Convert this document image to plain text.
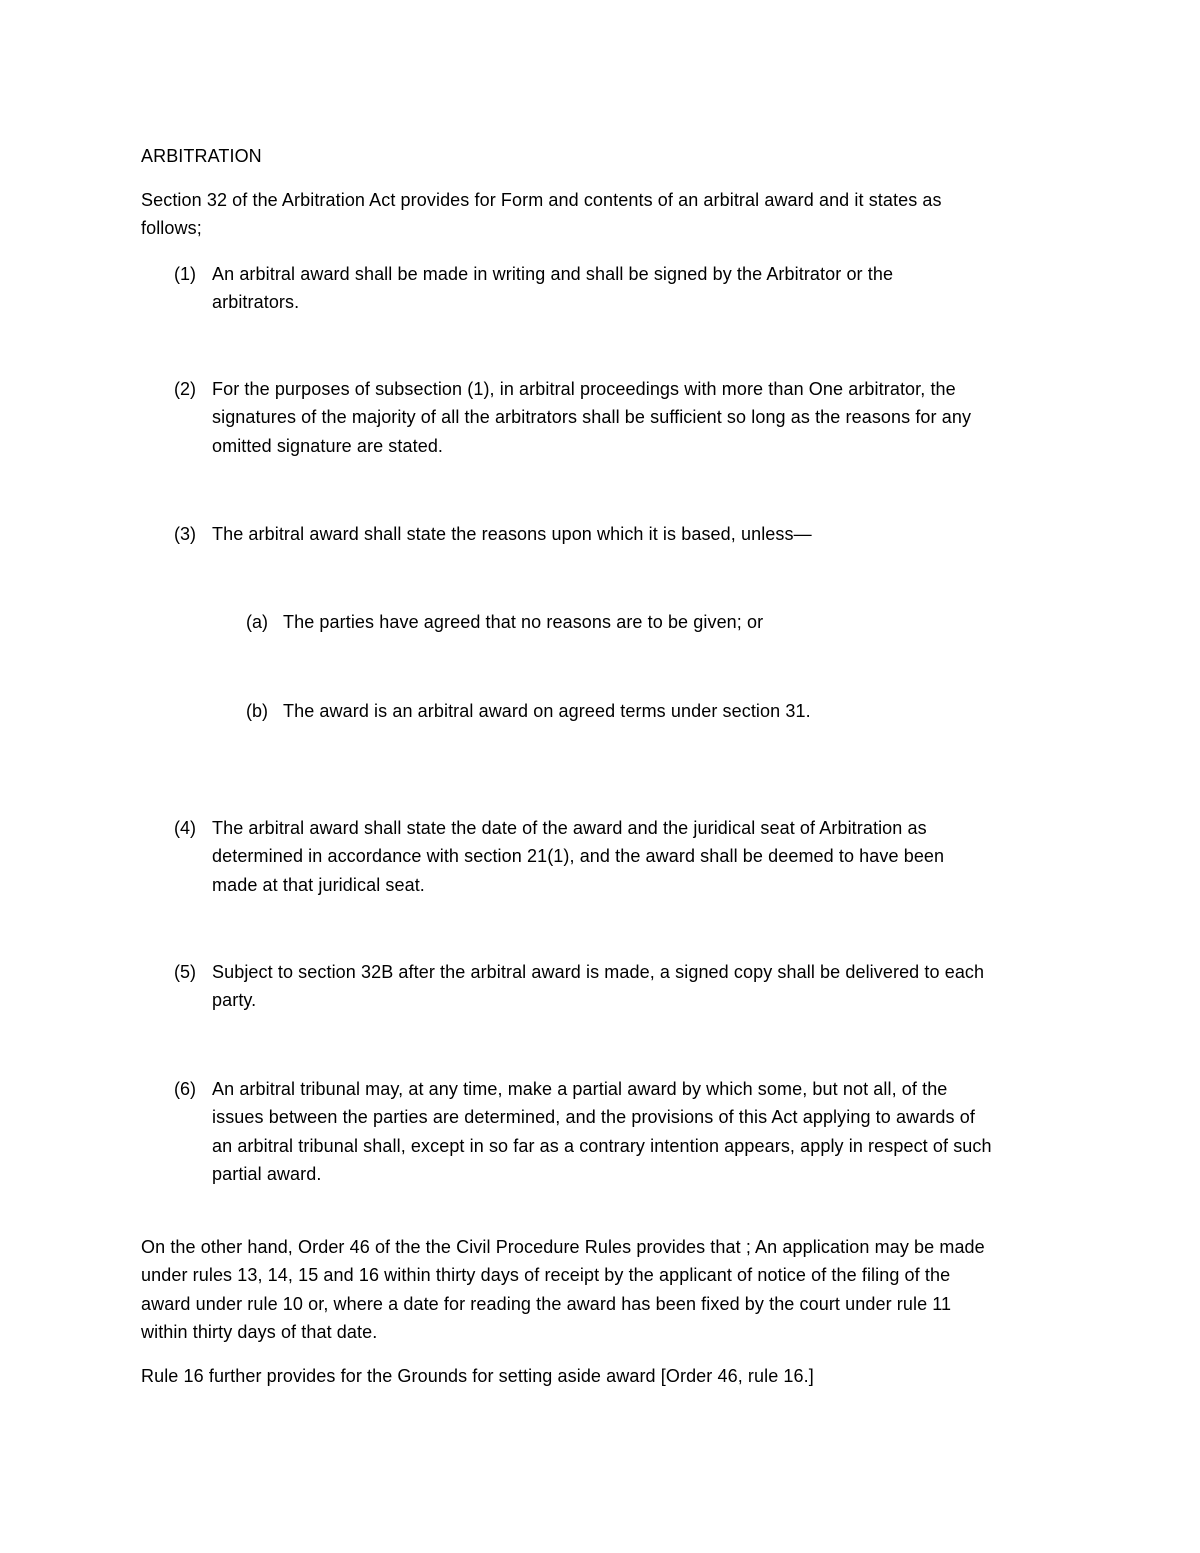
ARBITRATION
Section 32 of the Arbitration Act provides for Form and contents of an arbitral award and it states as
follows;
(1) An arbitral award shall be made in writing and shall be signed by the Arbitrator or the
arbitrators.
(2) For the purposes of subsection (1), in arbitral proceedings with more than One arbitrator, the
signatures of the majority of all the arbitrators shall be sufficient so long as the reasons for any
omitted signature are stated.
(3) The arbitral award shall state the reasons upon which it is based, unless—
(a) The parties have agreed that no reasons are to be given; or
(b) The award is an arbitral award on agreed terms under section 31.
(4) The arbitral award shall state the date of the award and the juridical seat of Arbitration as
determined in accordance with section 21(1), and the award shall be deemed to have been
made at that juridical seat.
(5) Subject to section 32B after the arbitral award is made, a signed copy shall be delivered to each
party.
(6) An arbitral tribunal may, at any time, make a partial award by which some, but not all, of the
issues between the parties are determined, and the provisions of this Act applying to awards of
an arbitral tribunal shall, except in so far as a contrary intention appears, apply in respect of such
partial award.
On the other hand, Order 46 of the the Civil Procedure Rules provides that ; An application may be made
under rules 13, 14, 15 and 16 within thirty days of receipt by the applicant of notice of the filing of the
award under rule 10 or, where a date for reading the award has been fixed by the court under rule 11
within thirty days of that date.
Rule 16 further provides for the Grounds for setting aside award [Order 46, rule 16.]
